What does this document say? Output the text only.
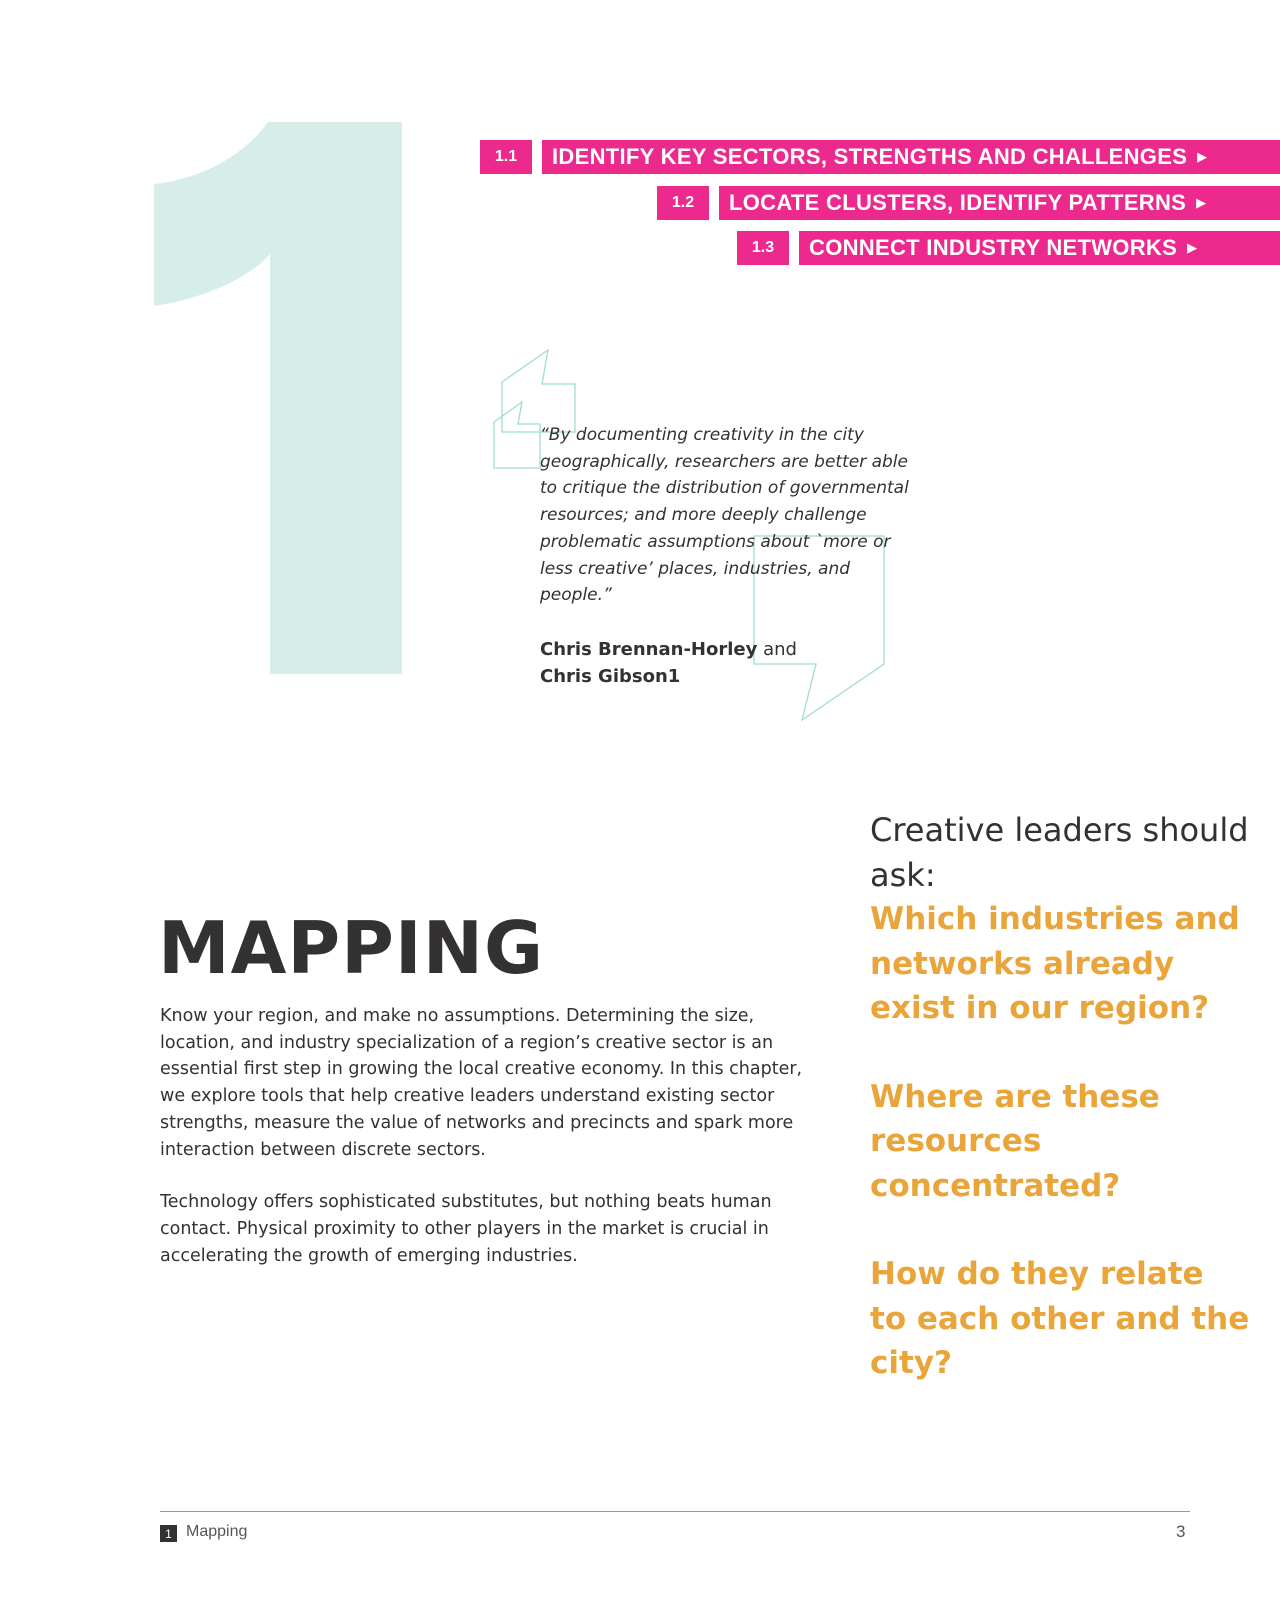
1.1	IDENTIFY KEY SECTORS, STRENGTHS AND CHALLENGES ▶
1.2	LOCATE CLUSTERS, IDENTIFY PATTERNS ▶
1.3	CONNECT INDUSTRY NETWORKS ▶

“By documenting creativity in the city geographically, researchers are better able to critique the distribution of governmental resources; and more deeply challenge problematic assumptions about `more or less creative’ places, industries, and people.”

Chris Brennan-Horley and
Chris Gibson1
MAPPING

Know your region, and make no assumptions. Determining the size, location, and industry specialization of a region’s creative sector is an essential first step in growing the local creative economy. In this chapter, we explore tools that help creative leaders understand existing sector strengths, measure the value of networks and precincts and spark more interaction between discrete sectors.

Technology offers sophisticated substitutes, but nothing beats human contact. Physical proximity to other players in the market is crucial in accelerating the growth of emerging industries.

Creative leaders should ask:

Which industries and networks already exist in our region?

Where are these resources concentrated?

How do they relate to each other and the city?

1 Mapping	3
